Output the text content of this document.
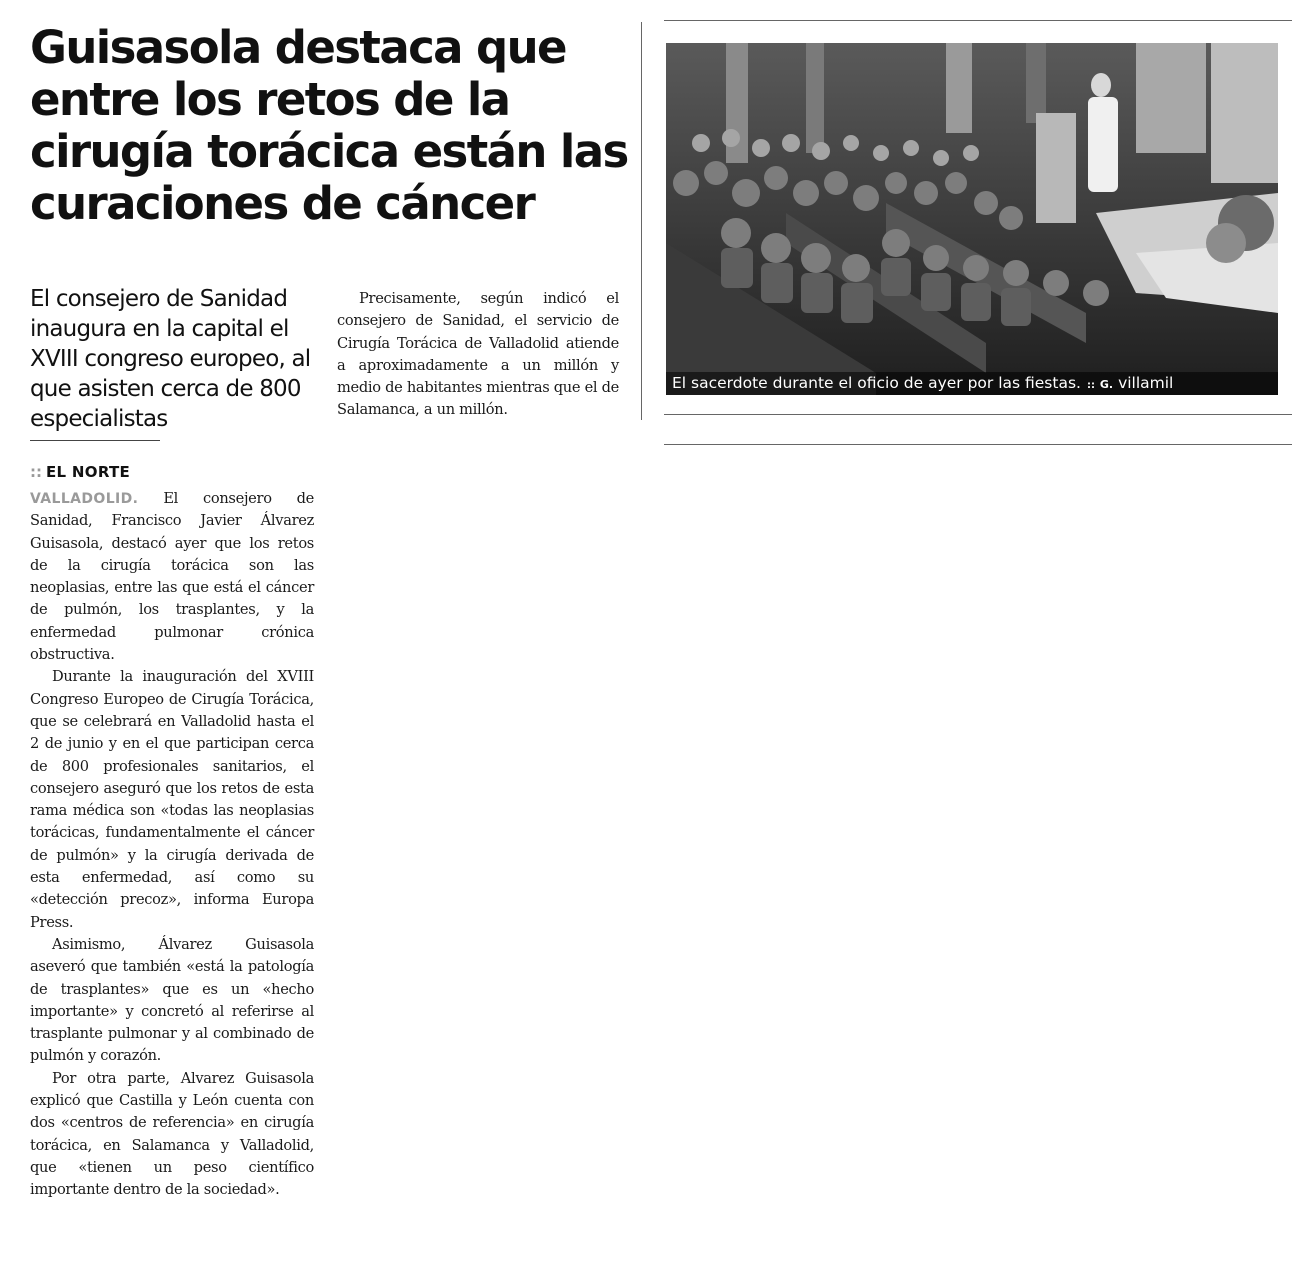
Guisasola destaca que entre los retos de la cirugía torácica están las curaciones de cáncer
El consejero de Sanidad inaugura en la capital el XVIII congreso europeo, al que asisten cerca de 800 especialistas
:: EL NORTE

VALLADOLID. El consejero de Sanidad, Francisco Javier Álvarez Guisasola, destacó ayer que los retos de la cirugía torácica son las neoplasias, entre las que está el cáncer de pulmón, los trasplantes, y la enfermedad pulmonar crónica obstructiva.

Durante la inauguración del XVIII Congreso Europeo de Cirugía Torácica, que se celebrará en Valladolid hasta el 2 de junio y en el que participan cerca de 800 profesionales sanitarios, el consejero aseguró que los retos de esta rama médica son «todas las neoplasias torácicas, fundamentalmente el cáncer de pulmón» y la cirugía derivada de esta enfermedad, así como su «detección precoz», informa Europa Press.

Asimismo, Álvarez Guisasola aseveró que también «está la patología de trasplantes» que es un «hecho importante» y concretó al referirse al trasplante pulmonar y al combinado de pulmón y corazón.

Por otra parte, Alvarez Guisasola explicó que Castilla y León cuenta con dos «centros de referencia» en cirugía torácica, en Salamanca y Valladolid, que «tienen un peso científico importante dentro de la sociedad».

Precisamente, según indicó el consejero de Sanidad, el servicio de Cirugía Torácica de Valladolid atiende a aproximadamente a un millón y medio de habitantes mientras que el de Salamanca, a un millón.

El sacerdote durante el oficio de ayer por las fiestas. :: G. villamil
